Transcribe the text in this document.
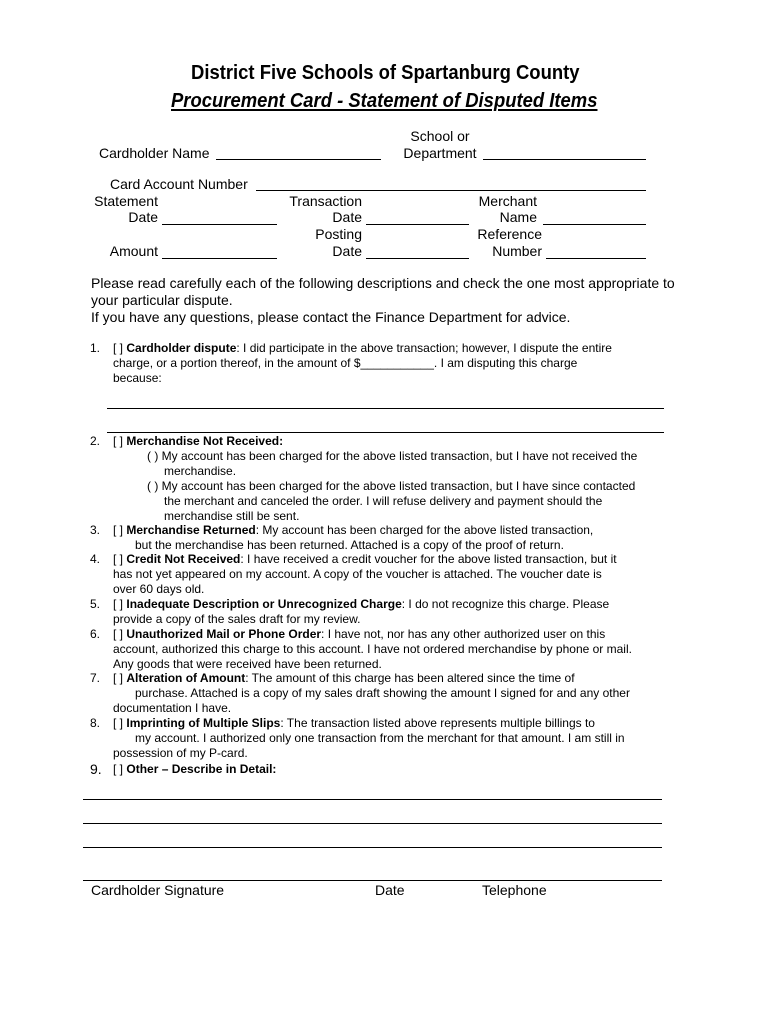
District Five Schools of Spartanburg County
Procurement Card - Statement of Disputed Items
Cardholder Name
School or
Department
Card Account Number
Statement
Date
Amount
Transaction
Date
Posting
Date
Merchant
Name
Reference
Number
Please read carefully each of the following descriptions and check the one most appropriate to
your particular dispute.
If you have any questions, please contact the Finance Department for advice.
1. [ ] Cardholder dispute: I did participate in the above transaction; however, I dispute the entire
charge, or a portion thereof, in the amount of $___________. I am disputing this charge
because:
2. [ ] Merchandise Not Received:
( ) My account has been charged for the above listed transaction, but I have not received the
merchandise.
( ) My account has been charged for the above listed transaction, but I have since contacted
the merchant and canceled the order. I will refuse delivery and payment should the
merchandise still be sent.
3. [ ] Merchandise Returned: My account has been charged for the above listed transaction,
but the merchandise has been returned. Attached is a copy of the proof of return.
4. [ ] Credit Not Received: I have received a credit voucher for the above listed transaction, but it
has not yet appeared on my account. A copy of the voucher is attached. The voucher date is
over 60 days old.
5. [ ] Inadequate Description or Unrecognized Charge: I do not recognize this charge. Please
provide a copy of the sales draft for my review.
6. [ ] Unauthorized Mail or Phone Order: I have not, nor has any other authorized user on this
account, authorized this charge to this account. I have not ordered merchandise by phone or mail.
Any goods that were received have been returned.
7. [ ] Alteration of Amount: The amount of this charge has been altered since the time of
purchase. Attached is a copy of my sales draft showing the amount I signed for and any other
documentation I have.
8. [ ] Imprinting of Multiple Slips: The transaction listed above represents multiple billings to
my account. I authorized only one transaction from the merchant for that amount. I am still in
possession of my P-card.
9. [ ] Other – Describe in Detail:
Cardholder Signature	Date	Telephone
